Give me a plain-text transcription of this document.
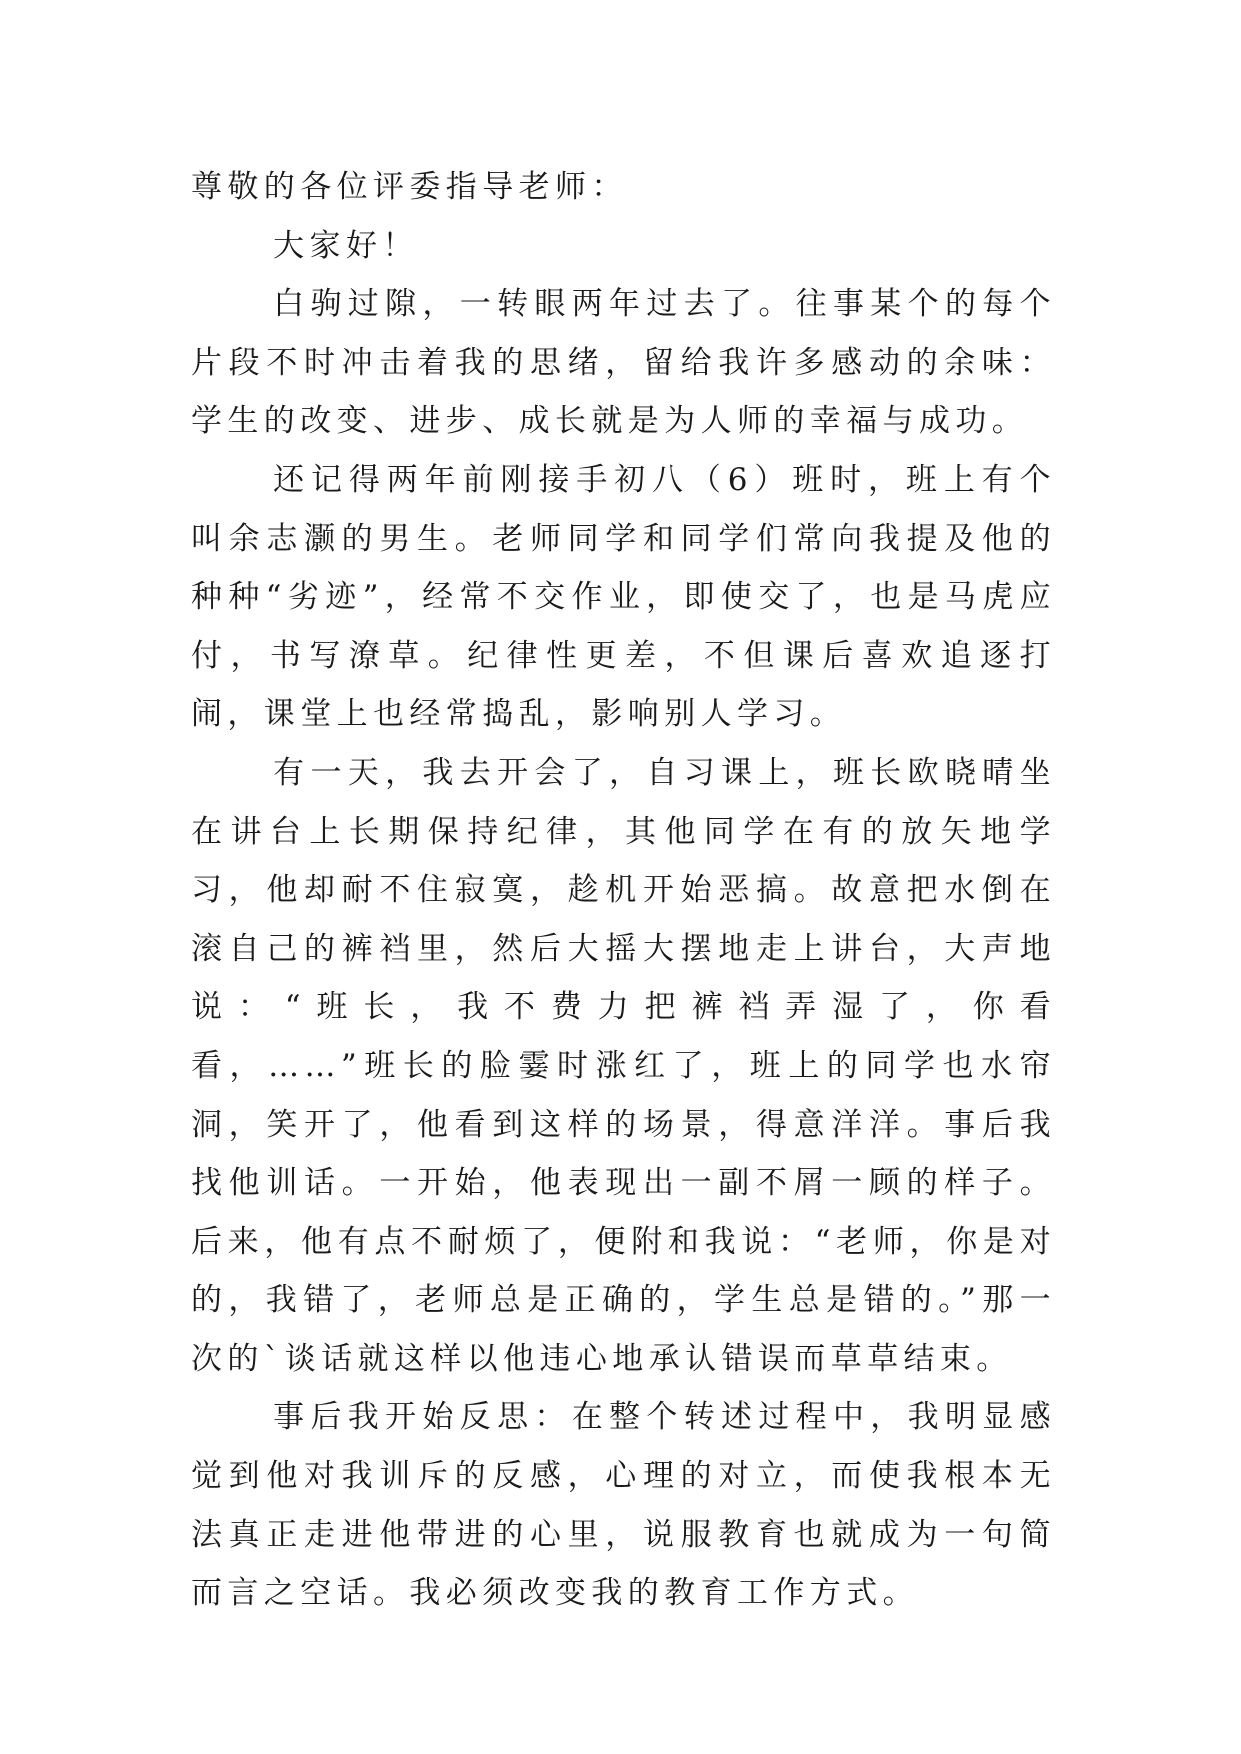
尊敬的各位评委指导老师：

大家好！

白驹过隙，一转眼两年过去了。往事某个的每个片段不时冲击着我的思绪，留给我许多感动的余味：学生的改变、进步、成长就是为人师的幸福与成功。

还记得两年前刚接手初八（6）班时，班上有个叫余志灏的男生。老师同学和同学们常向我提及他的种种“劣迹”，经常不交作业，即使交了，也是马虎应付，书写潦草。纪律性更差，不但课后喜欢追逐打闹，课堂上也经常捣乱，影响别人学习。

有一天，我去开会了，自习课上，班长欧晓晴坐在讲台上长期保持纪律，其他同学在有的放矢地学习，他却耐不住寂寞，趁机开始恶搞。故意把水倒在滚自己的裤裆里，然后大摇大摆地走上讲台，大声地说：“班长，我不费力把裤裆弄湿了，你看看，……”班长的脸霎时涨红了，班上的同学也水帘洞，笑开了，他看到这样的场景，得意洋洋。事后我找他训话。一开始，他表现出一副不屑一顾的样子。后来，他有点不耐烦了，便附和我说：“老师，你是对的，我错了，老师总是正确的，学生总是错的。”那一次的`谈话就这样以他违心地承认错误而草草结束。

事后我开始反思：在整个转述过程中，我明显感觉到他对我训斥的反感，心理的对立，而使我根本无法真正走进他带进的心里，说服教育也就成为一句简而言之空话。我必须改变我的教育工作方式。
